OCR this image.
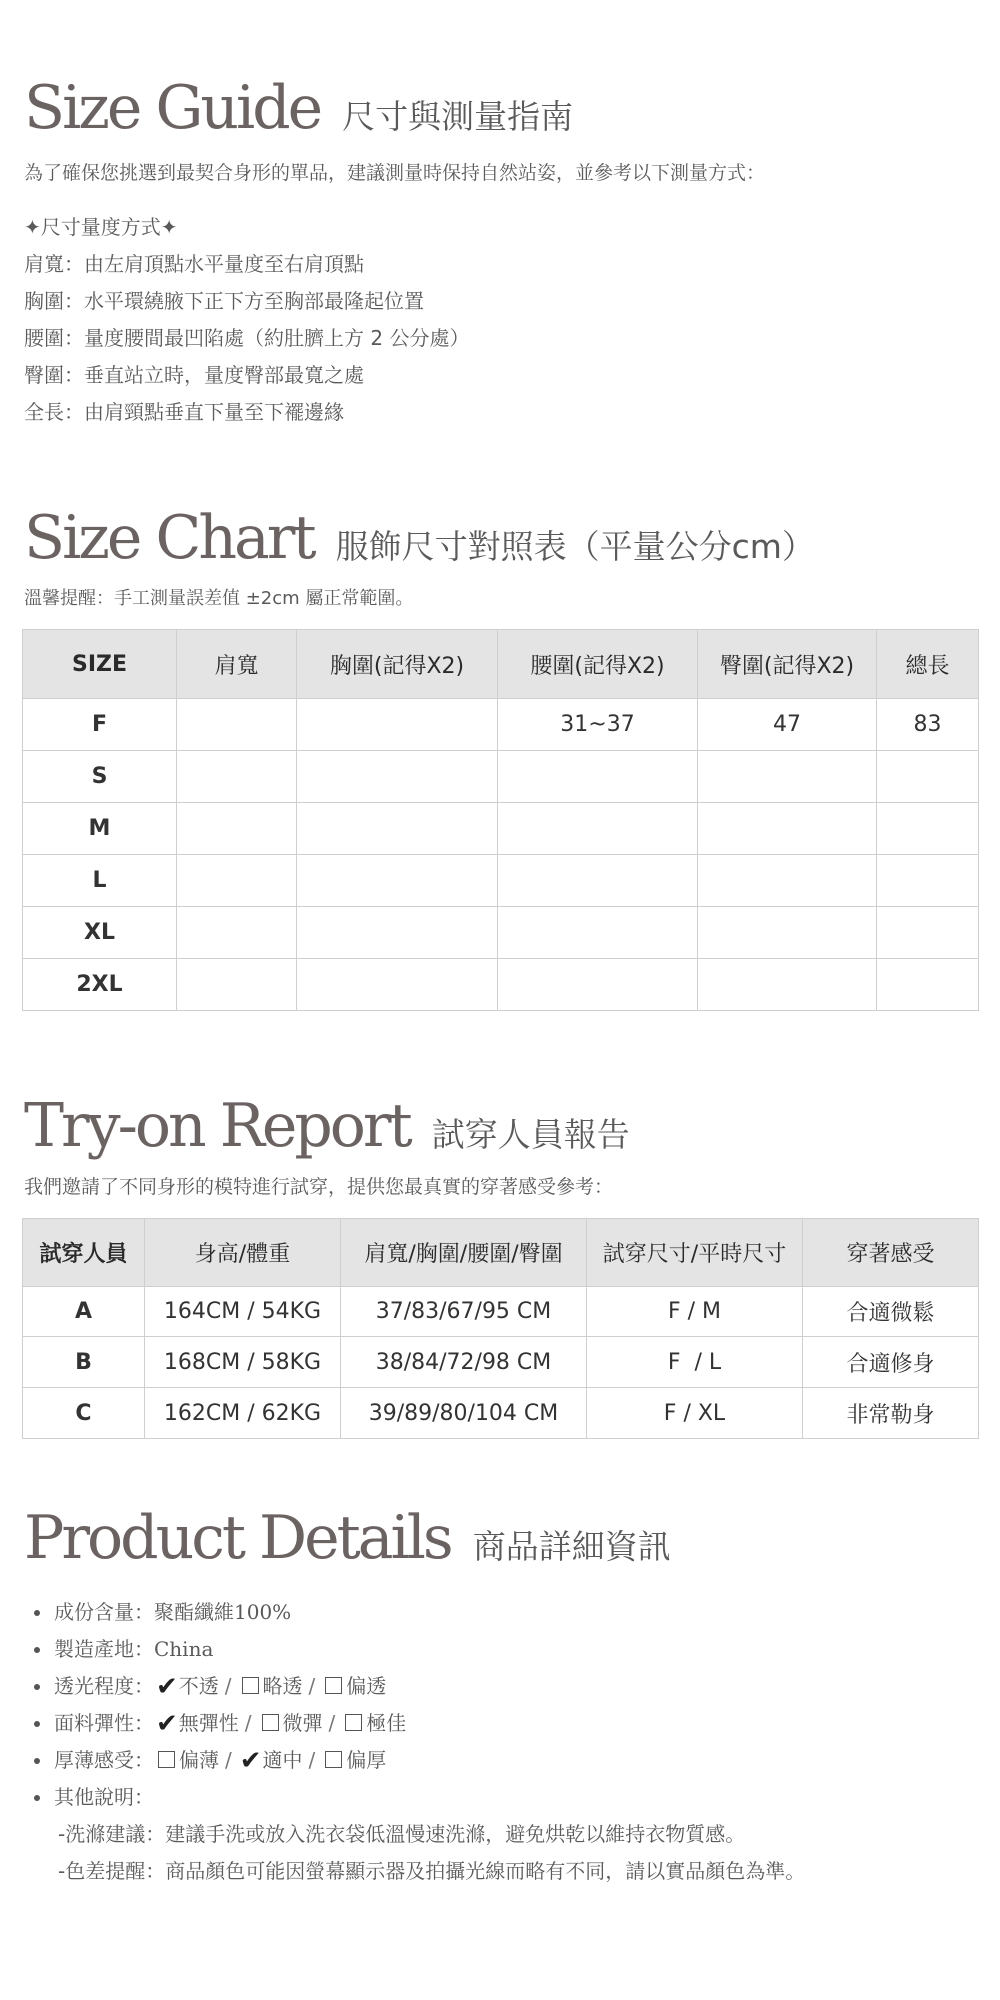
Size Guide 尺寸與測量指南
為了確保您挑選到最契合身形的單品，建議測量時保持自然站姿，並參考以下測量方式：
✦尺寸量度方式✦
肩寬：由左肩頂點水平量度至右肩頂點
胸圍：水平環繞腋下正下方至胸部最隆起位置
腰圍：量度腰間最凹陷處（約肚臍上方 2 公分處）
臀圍：垂直站立時，量度臀部最寬之處
全長：由肩頸點垂直下量至下襬邊緣
Size Chart 服飾尺寸對照表（平量公分cm）
溫馨提醒：手工測量誤差值 ±2cm 屬正常範圍。
SIZE	肩寬	胸圍(記得X2)	腰圍(記得X2)	臀圍(記得X2)	總長
F			31~37	47	83
S					
M					
L					
XL					
2XL					
Try-on Report 試穿人員報告
我們邀請了不同身形的模特進行試穿，提供您最真實的穿著感受參考：
試穿人員	身高/體重	肩寬/胸圍/腰圍/臀圍	試穿尺寸/平時尺寸	穿著感受
A	164CM / 54KG	37/83/67/95 CM	F / M	合適微鬆
B	168CM / 58KG	38/84/72/98 CM	F  / L	合適修身
C	162CM / 62KG	39/89/80/104 CM	F / XL	非常勒身
Product Details 商品詳細資訊
成份含量：聚酯纖維100%
製造產地：China
透光程度：✔不透 / 略透 / 偏透
面料彈性：✔無彈性 / 微彈 / 極佳
厚薄感受： 偏薄 / ✔適中 / 偏厚
其他說明：
-洗滌建議：建議手洗或放入洗衣袋低溫慢速洗滌，避免烘乾以維持衣物質感。
-色差提醒：商品顏色可能因螢幕顯示器及拍攝光線而略有不同，請以實品顏色為準。
